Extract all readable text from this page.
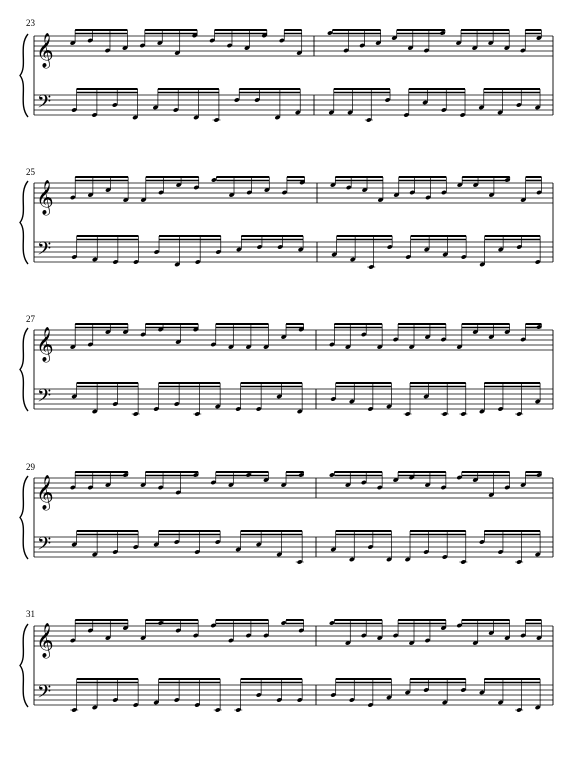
23
25
27
29
31
𝄞
𝄢
𝄞
𝄢
𝄞
𝄢
𝄞
𝄢
𝄞
𝄢
